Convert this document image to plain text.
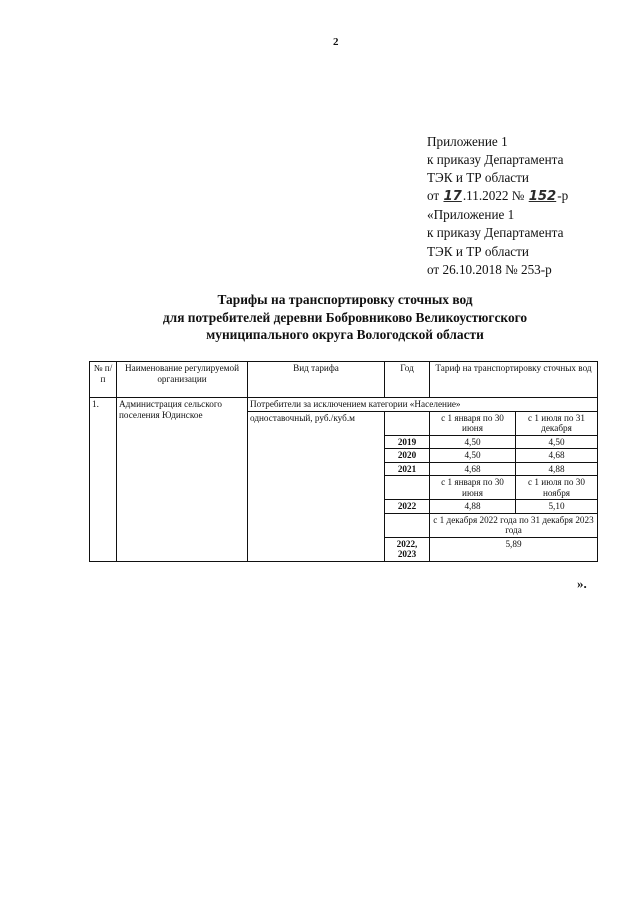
2
Приложение 1
к приказу Департамента
ТЭК и ТР области
от 17.11.2022 № 152-р
«Приложение 1
к приказу Департамента
ТЭК и ТР области
от 26.10.2018 № 253-р
Тарифы на транспортировку сточных вод
для потребителей деревни Бобровниково Великоустюгского
муниципального округа Вологодской области
№ п/п	Наименование регулируемой организации	Вид тарифа	Год	Тариф на транспортировку сточных вод	
1.	Администрация сельского поселения Юдинское	Потребители за исключением категории «Население»			
		одноставочный, руб./куб.м		с 1 января по 30 июня	с 1 июля по 31 декабря
			2019	4,50	4,50
			2020	4,50	4,68
			2021	4,68	4,88
				с 1 января по 30 июня	с 1 июля по 30 ноября
			2022	4,88	5,10
				с 1 декабря 2022 года по 31 декабря 2023 года	
			2022, 2023	5,89	
».
